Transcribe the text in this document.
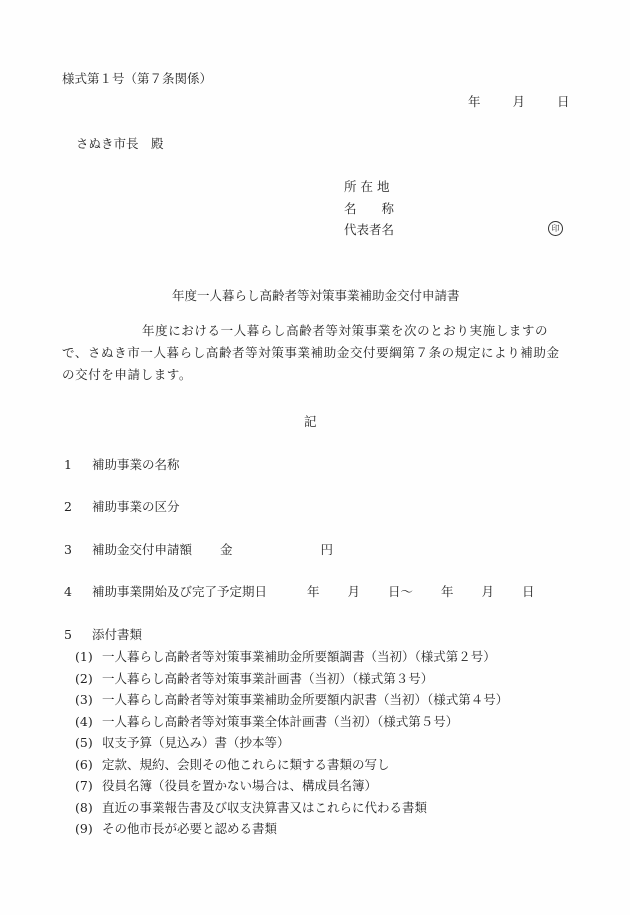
様式第１号（第７条関係）
年	月	日
さぬき市長　殿
所 在 地
名　　称
代表者名	印
年度一人暮らし高齢者等対策事業補助金交付申請書
年度における一人暮らし高齢者等対策事業を次のとおり実施しますので、さぬき市一人暮らし高齢者等対策事業補助金交付要綱第７条の規定により補助金の交付を申請します。
記
1 補助事業の名称
2 補助事業の区分
3 補助金交付申請額 金	円
4 補助事業開始及び完了予定期日	年 月 日〜 年 月 日
5 添付書類
(1) 一人暮らし高齢者等対策事業補助金所要額調書（当初）（様式第２号）
(2) 一人暮らし高齢者等対策事業計画書（当初）（様式第３号）
(3) 一人暮らし高齢者等対策事業補助金所要額内訳書（当初）（様式第４号）
(4) 一人暮らし高齢者等対策事業全体計画書（当初）（様式第５号）
(5) 収支予算（見込み）書（抄本等）
(6) 定款、規約、会則その他これらに類する書類の写し
(7) 役員名簿（役員を置かない場合は、構成員名簿）
(8) 直近の事業報告書及び収支決算書又はこれらに代わる書類
(9) その他市長が必要と認める書類
